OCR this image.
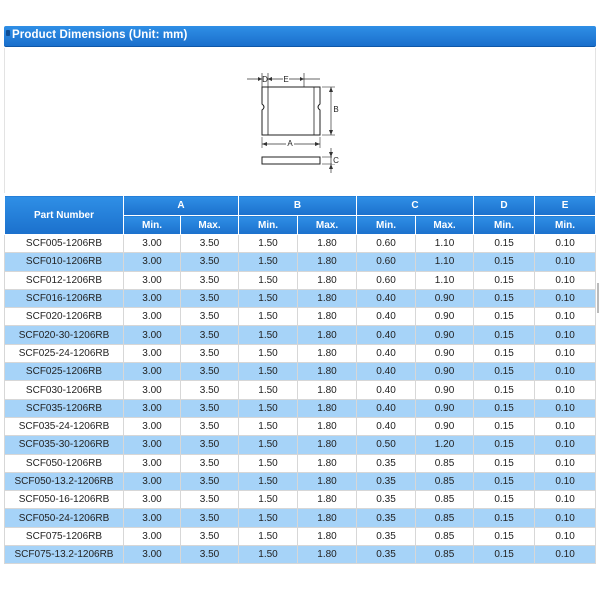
Product Dimensions (Unit: mm)
D E
B
A
C
Part Number	A		B		C		D	E
	Min.	Max.	Min.	Max.	Min.	Max.	Min.	Min.
SCF005-1206RB	3.00	3.50	1.50	1.80	0.60	1.10	0.15	0.10
SCF010-1206RB	3.00	3.50	1.50	1.80	0.60	1.10	0.15	0.10
SCF012-1206RB	3.00	3.50	1.50	1.80	0.60	1.10	0.15	0.10
SCF016-1206RB	3.00	3.50	1.50	1.80	0.40	0.90	0.15	0.10
SCF020-1206RB	3.00	3.50	1.50	1.80	0.40	0.90	0.15	0.10
SCF020-30-1206RB	3.00	3.50	1.50	1.80	0.40	0.90	0.15	0.10
SCF025-24-1206RB	3.00	3.50	1.50	1.80	0.40	0.90	0.15	0.10
SCF025-1206RB	3.00	3.50	1.50	1.80	0.40	0.90	0.15	0.10
SCF030-1206RB	3.00	3.50	1.50	1.80	0.40	0.90	0.15	0.10
SCF035-1206RB	3.00	3.50	1.50	1.80	0.40	0.90	0.15	0.10
SCF035-24-1206RB	3.00	3.50	1.50	1.80	0.40	0.90	0.15	0.10
SCF035-30-1206RB	3.00	3.50	1.50	1.80	0.50	1.20	0.15	0.10
SCF050-1206RB	3.00	3.50	1.50	1.80	0.35	0.85	0.15	0.10
SCF050-13.2-1206RB	3.00	3.50	1.50	1.80	0.35	0.85	0.15	0.10
SCF050-16-1206RB	3.00	3.50	1.50	1.80	0.35	0.85	0.15	0.10
SCF050-24-1206RB	3.00	3.50	1.50	1.80	0.35	0.85	0.15	0.10
SCF075-1206RB	3.00	3.50	1.50	1.80	0.35	0.85	0.15	0.10
SCF075-13.2-1206RB	3.00	3.50	1.50	1.80	0.35	0.85	0.15	0.10
